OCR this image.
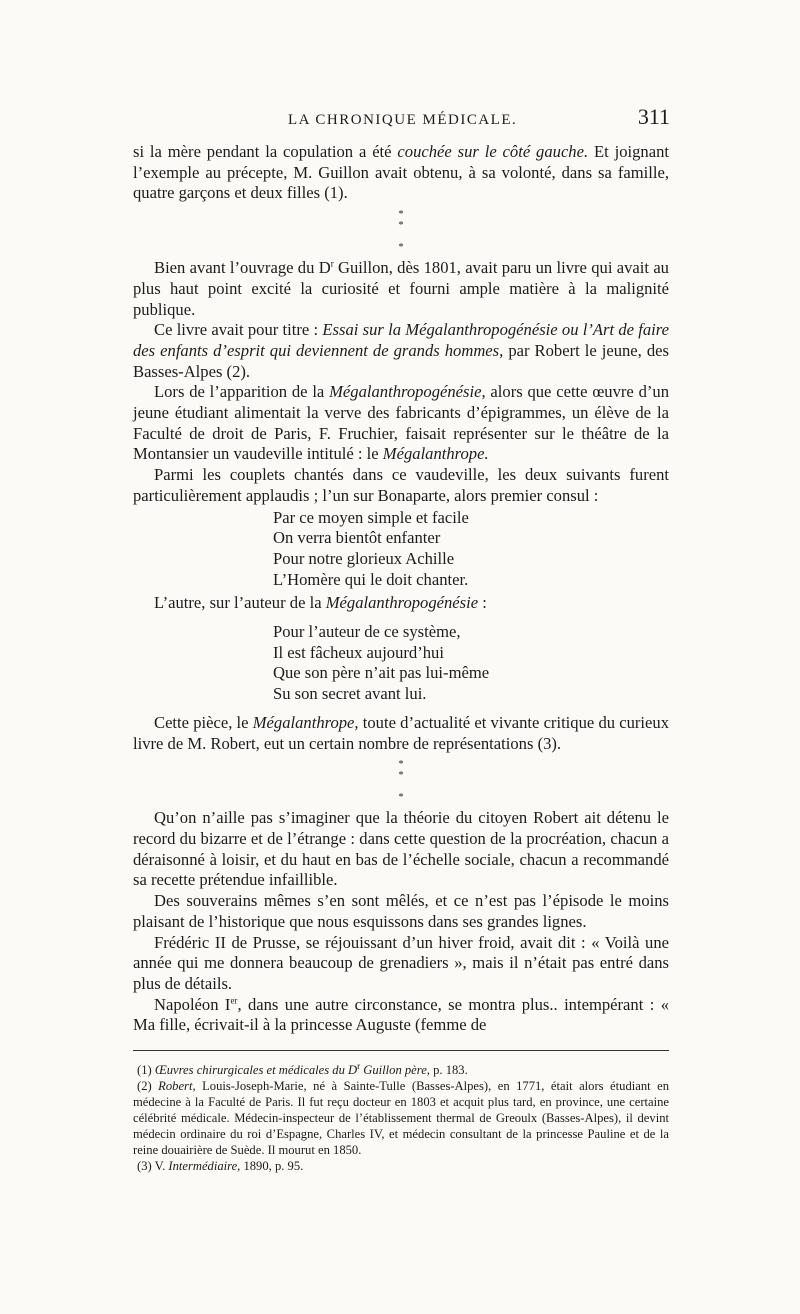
LA CHRONIQUE MÉDICALE.	311

si la mère pendant la copulation a été couchée sur le côté gauche. Et joignant l’exemple au précepte, M. Guillon avait obtenu, à sa volonté, dans sa famille, quatre garçons et deux filles (1).

*
*

*

Bien avant l’ouvrage du $D^r$ Guillon, dès 1801, avait paru un livre qui avait au plus haut point excité la curiosité et fourni ample matière à la malignité publique.

Ce livre avait pour titre : Essai sur la Mégalanthropogénésie ou l’Art de faire des enfants d’esprit qui deviennent de grands hommes, par Robert le jeune, des Basses-Alpes (2).

Lors de l’apparition de la Mégalanthropogénésie, alors que cette œuvre d’un jeune étudiant alimentait la verve des fabricants d’épigrammes, un élève de la Faculté de droit de Paris, F. Fruchier, faisait représenter sur le théâtre de la Montansier un vaudeville intitulé : le Mégalanthrope.

Parmi les couplets chantés dans ce vaudeville, les deux suivants furent particulièrement applaudis ; l’un sur Bonaparte, alors premier consul :

Par ce moyen simple et facile
On verra bientôt enfanter
Pour notre glorieux Achille
L’Homère qui le doit chanter.

L’autre, sur l’auteur de la Mégalanthropogénésie :

Pour l’auteur de ce système,
Il est fâcheux aujourd’hui
Que son père n’ait pas lui-même
Su son secret avant lui.

Cette pièce, le Mégalanthrope, toute d’actualité et vivante critique du curieux livre de M. Robert, eut un certain nombre de représentations (3).

*
*

*

Qu’on n’aille pas s’imaginer que la théorie du citoyen Robert ait détenu le record du bizarre et de l’étrange : dans cette question de la procréation, chacun a déraisonné à loisir, et du haut en bas de l’échelle sociale, chacun a recommandé sa recette prétendue infaillible.

Des souverains mêmes s’en sont mêlés, et ce n’est pas l’épisode le moins plaisant de l’historique que nous esquissons dans ses grandes lignes.

Frédéric II de Prusse, se réjouissant d’un hiver froid, avait dit : « Voilà une année qui me donnera beaucoup de grenadiers », mais il n’était pas entré dans plus de détails.

Napoléon Ier, dans une autre circonstance, se montra plus.. intempérant : « Ma fille, écrivait-il à la princesse Auguste (femme de

(1) Œuvres chirurgicales et médicales du $D^r$ Guillon père, p. 183.

(2) Robert, Louis-Joseph-Marie, né à Sainte-Tulle (Basses-Alpes), en 1771, était alors étudiant en médecine à la Faculté de Paris. Il fut reçu docteur en 1803 et acquit plus tard, en province, une certaine célébrité médicale. Médecin-inspecteur de l’établissement thermal de Greoulx (Basses-Alpes), il devint médecin ordinaire du roi d’Espagne, Charles IV, et médecin consultant de la princesse Pauline et de la reine douairière de Suède. Il mourut en 1850.

(3) V. Intermédiaire, 1890, p. 95.
